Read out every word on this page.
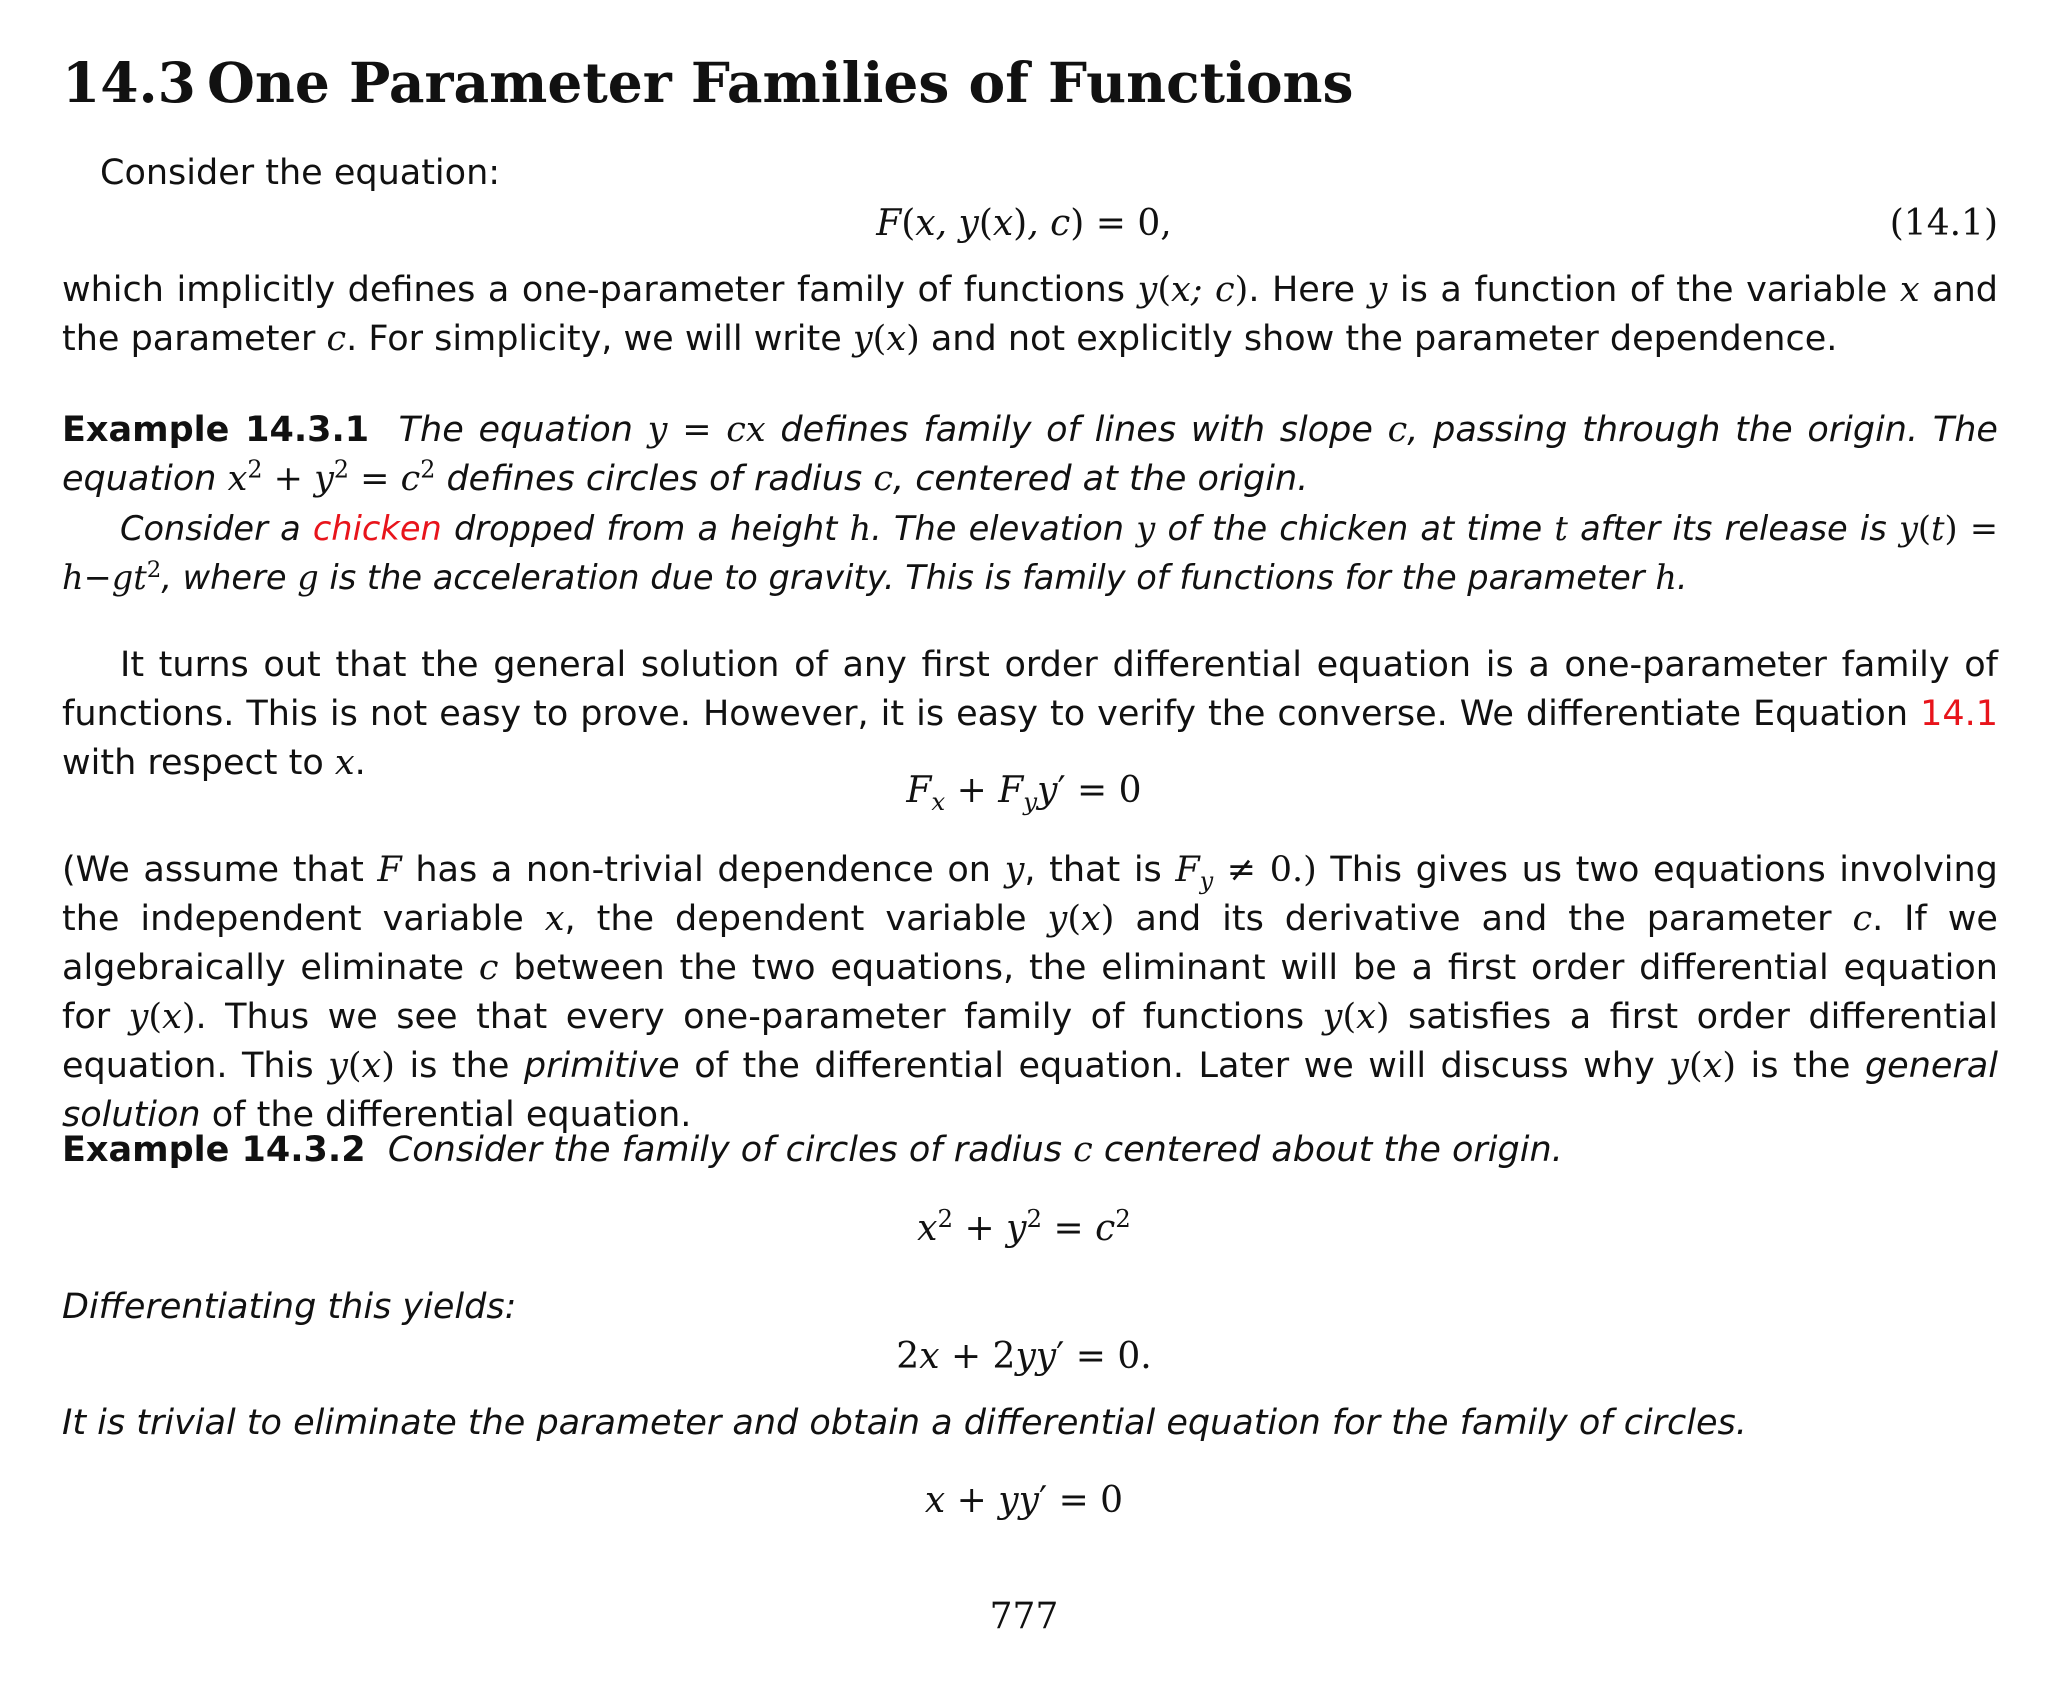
14.3 One Parameter Families of Functions
Consider the equation:
F(x, y(x), c) = 0,	(14.1)

which implicitly defines a one-parameter family of functions y(x; c). Here y is a function of the variable x and the parameter c. For simplicity, we will write y(x) and not explicitly show the parameter dependence.

Example 14.3.1 The equation y = cx defines family of lines with slope c, passing through the origin. The equation $x^2 + y^2 = c^2$ defines circles of radius c, centered at the origin.

Consider a chicken dropped from a height h. The elevation y of the chicken at time t after its release is $y(t) = h-gt^2$, where g is the acceleration due to gravity. This is family of functions for the parameter h.

It turns out that the general solution of any first order differential equation is a one-parameter family of functions. This is not easy to prove. However, it is easy to verify the converse. We differentiate Equation 14.1 with respect to x.

$F_x + F_yy' = 0$

(We assume that F has a non-trivial dependence on y, that is $F_y \ne 0$.) This gives us two equations involving the independent variable x, the dependent variable y(x) and its derivative and the parameter c. If we algebraically eliminate c between the two equations, the eliminant will be a first order differential equation for y(x). Thus we see that every one-parameter family of functions y(x) satisfies a first order differential equation. This y(x) is the primitive of the differential equation. Later we will discuss why y(x) is the general solution of the differential equation.

Example 14.3.2 Consider the family of circles of radius c centered about the origin.
$x^2 + y^2 = c^2$
Differentiating this yields:
2x + 2yy′ = 0.
It is trivial to eliminate the parameter and obtain a differential equation for the family of circles.
x + yy′ = 0
777
